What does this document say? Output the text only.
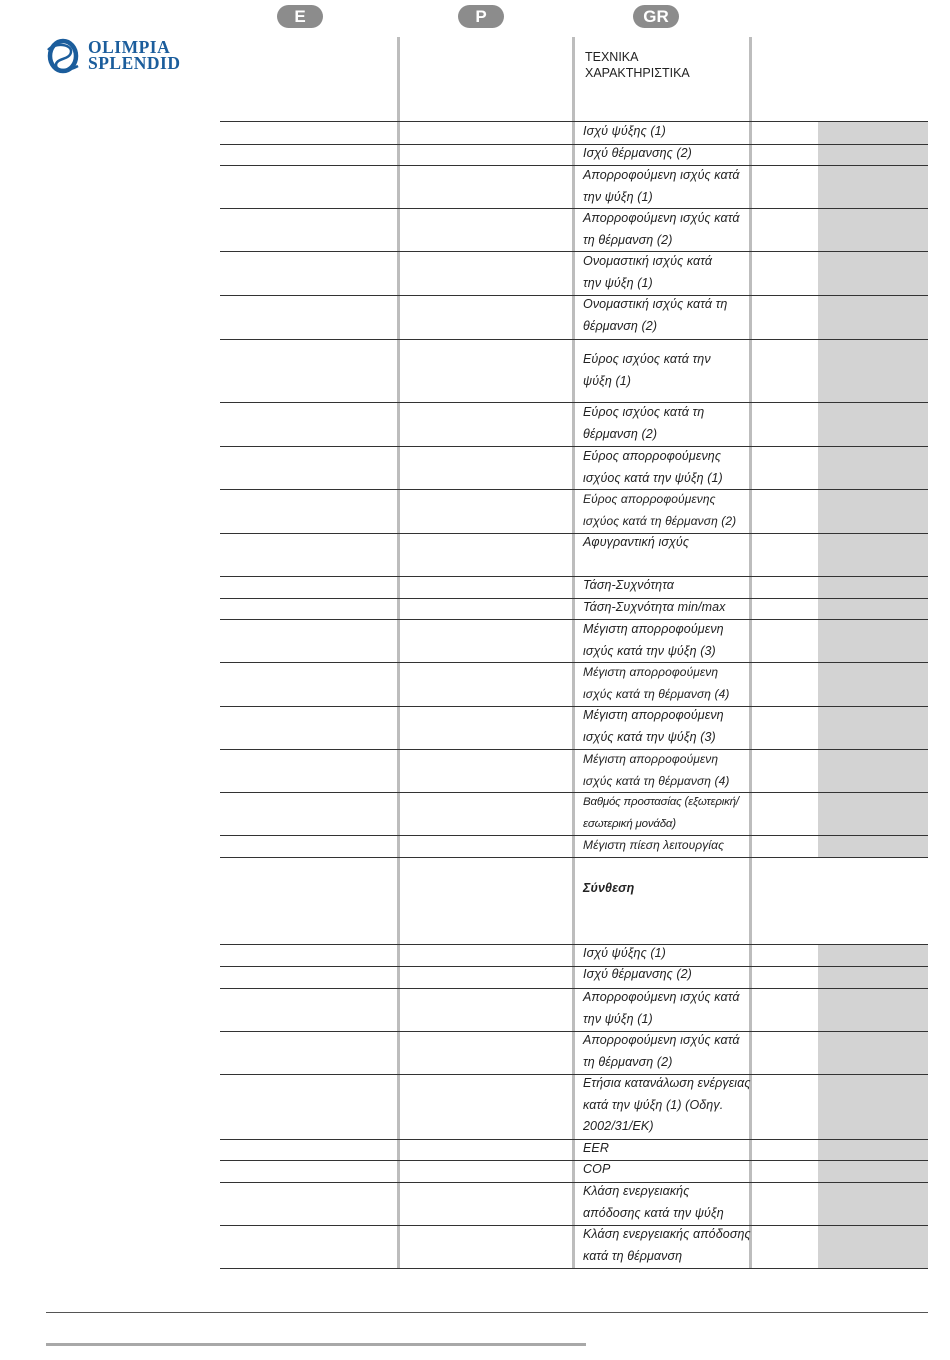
E	P	GR
OLIMPIA
SPLENDID	ΤΕΧΝΙΚΑ
ΧΑΡΑΚΤΗΡΙΣΤΙΚΑ
Ισχύ ψύξης (1)
Ισχύ θέρμανσης (2)
Απορροφούμενη ισχύς κατά την ψύξη (1)
Απορροφούμενη ισχύς κατά τη θέρμανση (2)
Ονομαστική ισχύς κατά την ψύξη (1)
Ονομαστική ισχύς κατά τη θέρμανση (2)
Εύρος ισχύος κατά την ψύξη (1)
Εύρος ισχύος κατά τη θέρμανση (2)
Εύρος απορροφούμενης ισχύος κατά την ψύξη (1)
Εύρος απορροφούμενης ισχύος κατά τη θέρμανση (2)
Αφυγραντική ισχύς
Τάση-Συχνότητα
Τάση-Συχνότητα min/max
Μέγιστη απορροφούμενη ισχύς κατά την ψύξη (3)
Μέγιστη απορροφούμενη ισχύς κατά τη θέρμανση (4)
Μέγιστη απορροφούμενη ισχύς κατά την ψύξη (3)
Μέγιστη απορροφούμενη ισχύς κατά τη θέρμανση (4)
Βαθμός προστασίας (εξωτερική/εσωτερική μονάδα)
Μέγιστη πίεση λειτουργίας
Σύνθεση
Ισχύ ψύξης (1)
Ισχύ θέρμανσης (2)
Απορροφούμενη ισχύς κατά την ψύξη (1)
Απορροφούμενη ισχύς κατά τη θέρμανση (2)
Ετήσια κατανάλωση ενέργειας κατά την ψύξη (1) (Οδηγ. 2002/31/ΕΚ)
EER
COP
Κλάση ενεργειακής απόδοσης κατά την ψύξη
Κλάση ενεργειακής απόδοσης κατά τη θέρμανση
